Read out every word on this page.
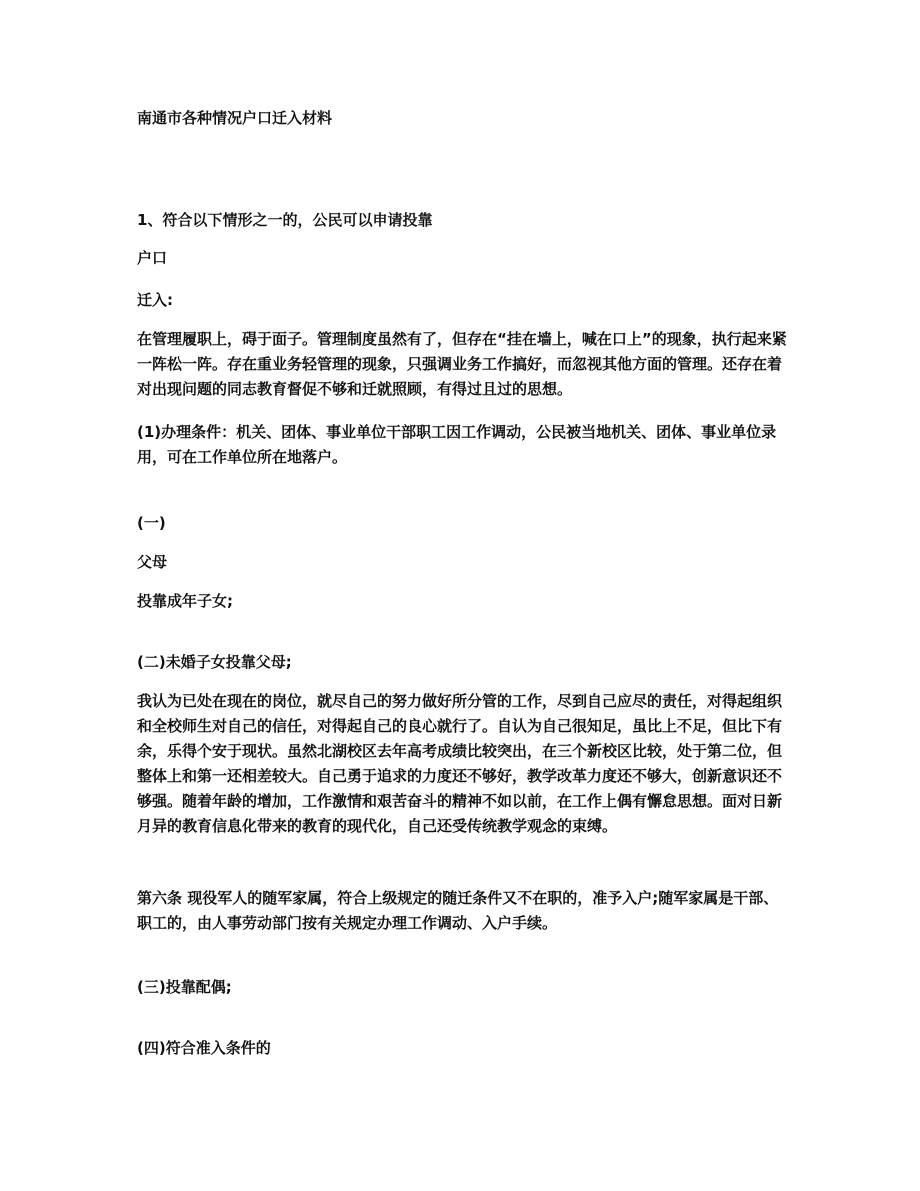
南通市各种情况户口迁入材料

1、符合以下情形之一的，公民可以申请投靠

户口

迁入:

在管理履职上，碍于面子。管理制度虽然有了，但存在“挂在墙上，喊在口上”的现象，执行起来紧一阵松一阵。存在重业务轻管理的现象，只强调业务工作搞好，而忽视其他方面的管理。还存在着对出现问题的同志教育督促不够和迁就照顾，有得过且过的思想。

(1)办理条件：机关、团体、事业单位干部职工因工作调动，公民被当地机关、团体、事业单位录用，可在工作单位所在地落户。

(一)

父母

投靠成年子女;

(二)未婚子女投靠父母;

我认为已处在现在的岗位，就尽自己的努力做好所分管的工作，尽到自己应尽的责任，对得起组织和全校师生对自己的信任，对得起自己的良心就行了。自认为自己很知足，虽比上不足，但比下有余，乐得个安于现状。虽然北湖校区去年高考成绩比较突出，在三个新校区比较，处于第二位，但整体上和第一还相差较大。自己勇于追求的力度还不够好，教学改革力度还不够大，创新意识还不够强。随着年龄的增加，工作激情和艰苦奋斗的精神不如以前，在工作上偶有懈怠思想。面对日新月异的教育信息化带来的教育的现代化，自己还受传统教学观念的束缚。

第六条 现役军人的随军家属，符合上级规定的随迁条件又不在职的，准予入户;随军家属是干部、职工的，由人事劳动部门按有关规定办理工作调动、入户手续。

(三)投靠配偶;

(四)符合准入条件的
